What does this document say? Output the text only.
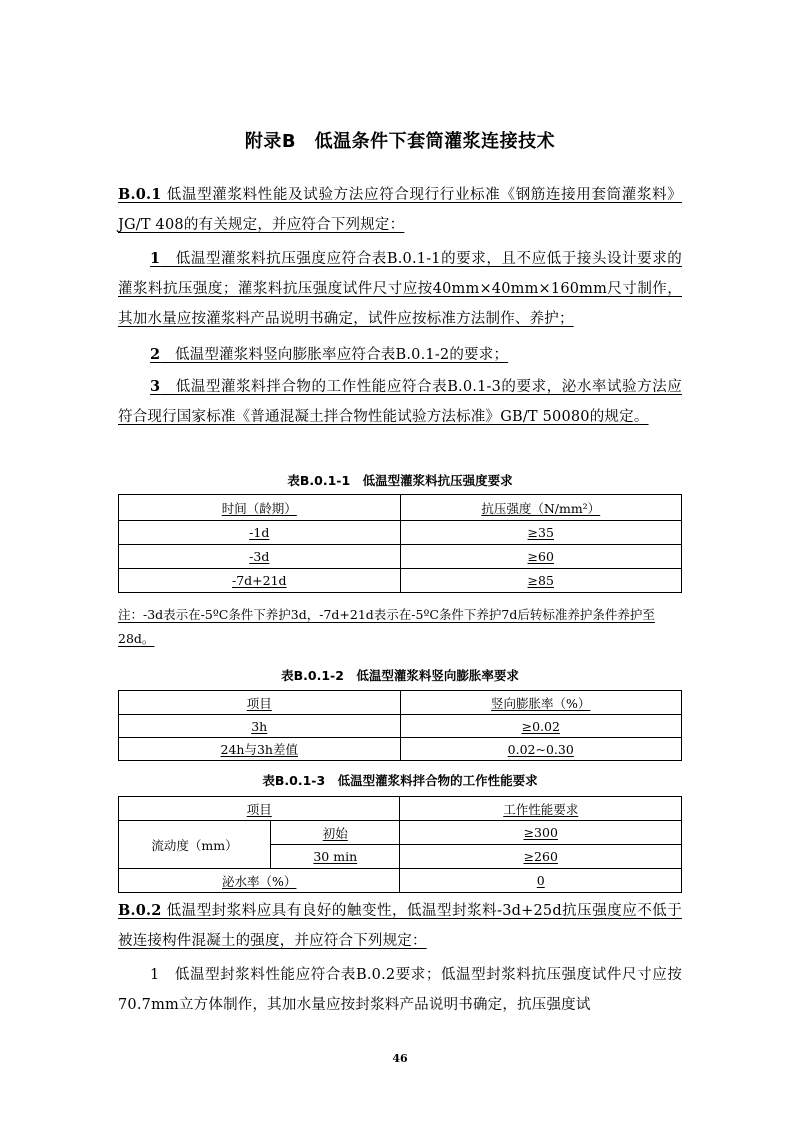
附录B　低温条件下套筒灌浆连接技术
B.0.1 低温型灌浆料性能及试验方法应符合现行行业标准《钢筋连接用套筒灌浆料》JG/T 408的有关规定，并应符合下列规定：
1　低温型灌浆料抗压强度应符合表B.0.1-1的要求，且不应低于接头设计要求的灌浆料抗压强度；灌浆料抗压强度试件尺寸应按40mm×40mm×160mm尺寸制作，其加水量应按灌浆料产品说明书确定，试件应按标准方法制作、养护；
2　低温型灌浆料竖向膨胀率应符合表B.0.1-2的要求；
3　低温型灌浆料拌合物的工作性能应符合表B.0.1-3的要求，泌水率试验方法应符合现行国家标准《普通混凝土拌合物性能试验方法标准》GB/T 50080的规定。
表B.0.1-1　低温型灌浆料抗压强度要求
时间（龄期）	抗压强度（N/mm²）
-1d	≥35
-3d	≥60
-7d+21d	≥85
注：-3d表示在-5ºC条件下养护3d，-7d+21d表示在-5ºC条件下养护7d后转标准养护条件养护至28d。
表B.0.1-2　低温型灌浆料竖向膨胀率要求
项目	竖向膨胀率（%）
3h	≥0.02
24h与3h差值	0.02~0.30
表B.0.1-3　低温型灌浆料拌合物的工作性能要求
项目		工作性能要求

流动度（mm）	初始	≥300
	30 min	≥260
泌水率（%）		0
B.0.2 低温型封浆料应具有良好的触变性，低温型封浆料-3d+25d抗压强度应不低于被连接构件混凝土的强度，并应符合下列规定：
1　低温型封浆料性能应符合表B.0.2要求；低温型封浆料抗压强度试件尺寸应按70.7mm立方体制作，其加水量应按封浆料产品说明书确定，抗压强度试
46
